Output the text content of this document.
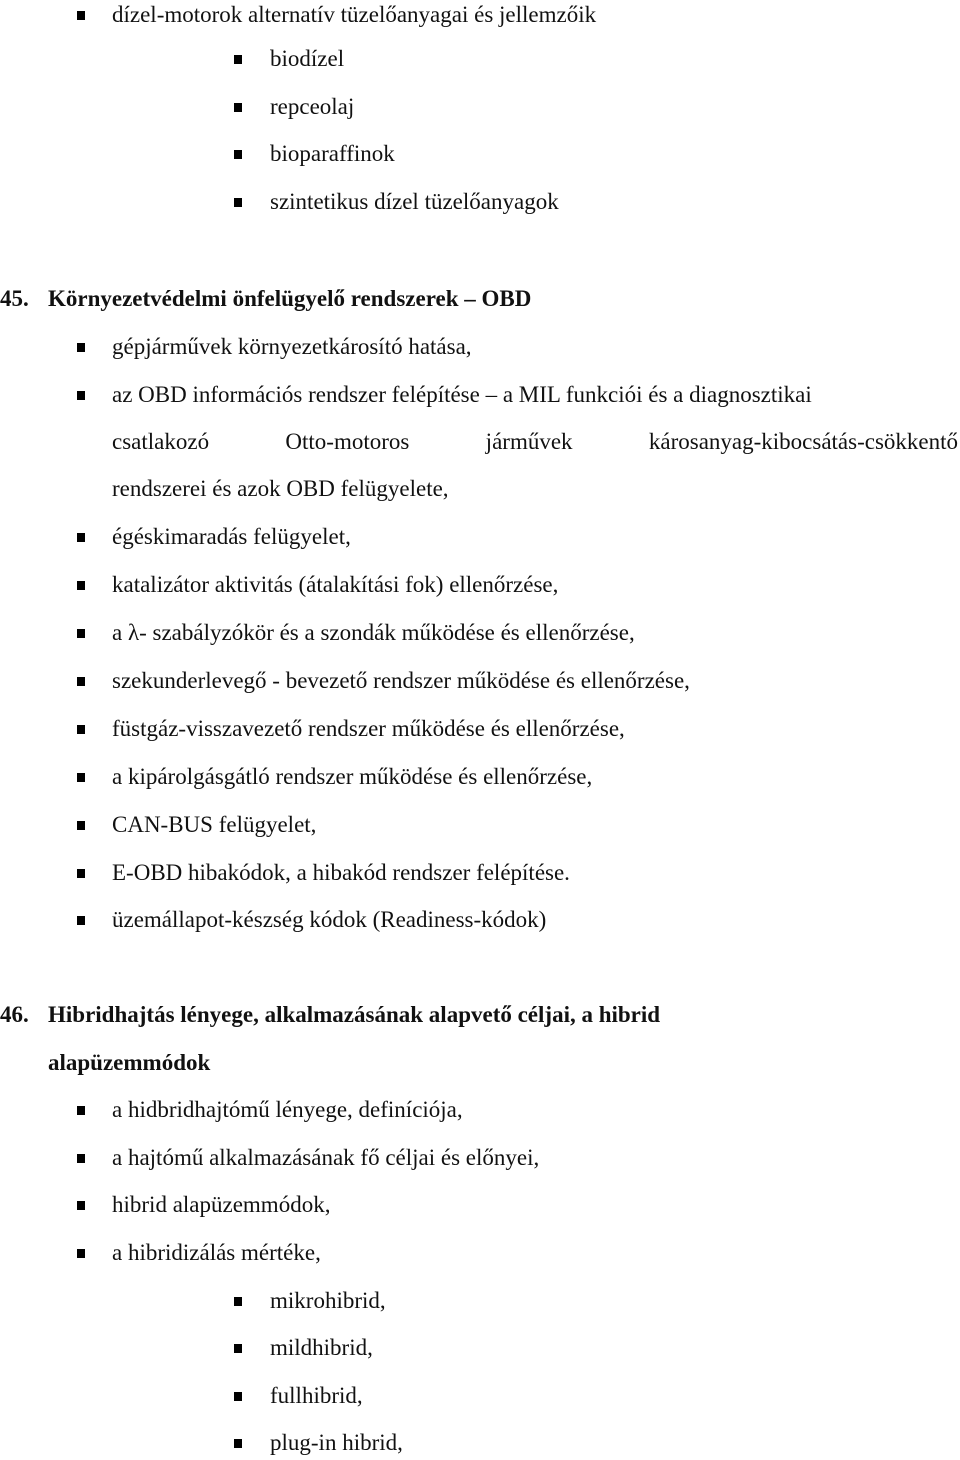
dízel-motorok alternatív tüzelőanyagai és jellemzőik
biodízel
repceolaj
bioparaffinok
szintetikus dízel tüzelőanyagok
45. Környezetvédelmi önfelügyelő rendszerek – OBD
gépjárművek környezetkárosító hatása,
az OBD információs rendszer felépítése – a MIL funkciói és a diagnosztikai
csatlakozó Otto-motoros járművek károsanyag-kibocsátás-csökkentő
rendszerei és azok OBD felügyelete,
égéskimaradás felügyelet,
katalizátor aktivitás (átalakítási fok) ellenőrzése,
a λ- szabályzókör és a szondák működése és ellenőrzése,
szekunderlevegő - bevezető rendszer működése és ellenőrzése,
füstgáz-visszavezető rendszer működése és ellenőrzése,
a kipárolgásgátló rendszer működése és ellenőrzése,
CAN-BUS felügyelet,
E-OBD hibakódok, a hibakód rendszer felépítése.
üzemállapot-készség kódok (Readiness-kódok)
46. Hibridhajtás lényege, alkalmazásának alapvető céljai, a hibrid
alapüzemmódok
a hidbridhajtómű lényege, definíciója,
a hajtómű alkalmazásának fő céljai és előnyei,
hibrid alapüzemmódok,
a hibridizálás mértéke,
mikrohibrid,
mildhibrid,
fullhibrid,
plug-in hibrid,
